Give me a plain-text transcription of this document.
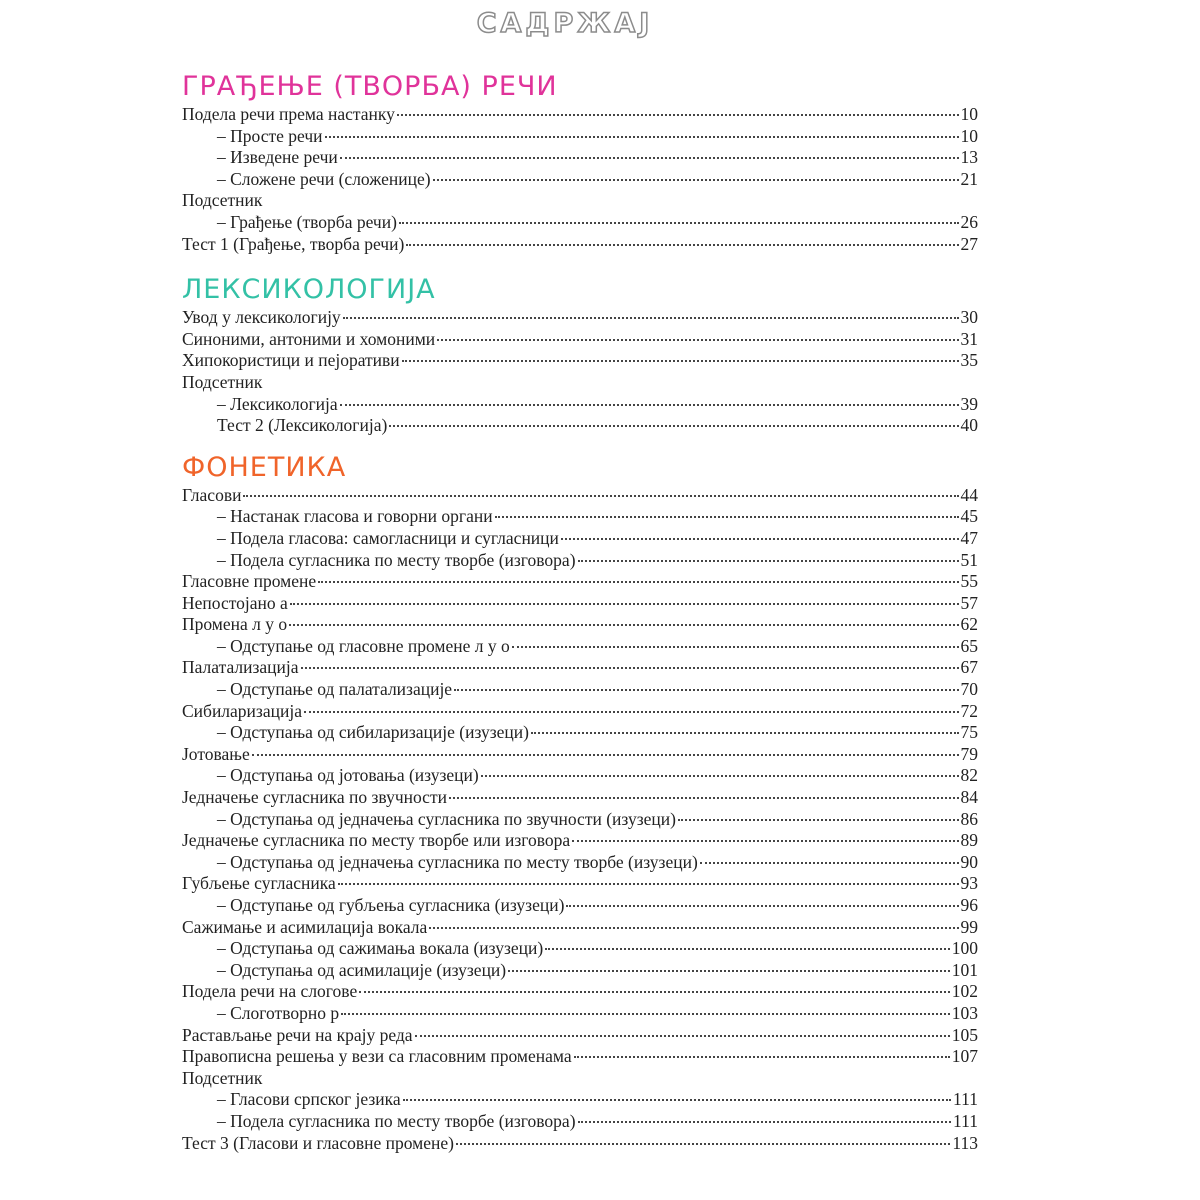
САДРЖАЈ
ГРАЂЕЊЕ (ТВОРБА) РЕЧИ
Подела речи према настанку	10
– Просте речи	10
– Изведене речи	13
– Сложене речи (сложенице)	21
Подсетник
– Грађење (творба речи)	26
Тест 1 (Грађење, творба речи)	27
ЛЕКСИКОЛОГИЈА
Увод у лексикологију	30
Синоними, антоними и хомоними	31
Хипокористици и пејоративи	35
Подсетник
– Лексикологија	39
Тест 2 (Лексикологија)	40
ФОНЕТИКА
Гласови	44
– Настанак гласова и говорни органи	45
– Подела гласова: самогласници и сугласници	47
– Подела сугласника по месту творбе (изговора)	51
Гласовне промене	55
Непостојано а	57
Промена л у о	62
– Одступање од гласовне промене л у о	65
Палатализација	67
– Одступање од палатализације	70
Сибиларизација	72
– Одступања од сибиларизације (изузеци)	75
Јотовање	79
– Одступања од јотовања (изузеци)	82
Једначење сугласника по звучности	84
– Одступања од једначења сугласника по звучности (изузеци)	86
Једначење сугласника по месту творбе или изговора	89
– Одступања од једначења сугласника по месту творбе (изузеци)	90
Губљење сугласника	93
– Одступање од губљења сугласника (изузеци)	96
Сажимање и асимилација вокала	99
– Одступања од сажимања вокала (изузеци)	100
– Одступања од асимилације (изузеци)	101
Подела речи на слогове	102
– Слоготворно р	103
Растављање речи на крају реда	105
Правописна решења у вези са гласовним променама	107
Подсетник
– Гласови српског језика	111
– Подела сугласника по месту творбе (изговора)	111
Тест 3 (Гласови и гласовне промене)	113
